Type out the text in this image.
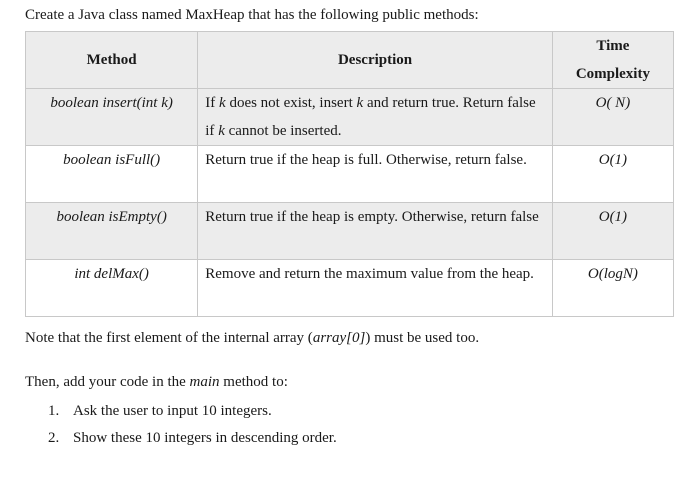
Create a Java class named MaxHeap that has the following public methods:

Method	Description	Time
Complexity
boolean insert(int k)	If k does not exist, insert k and return true. Return false if k cannot be inserted.	O( N)
boolean isFull()	Return true if the heap is full. Otherwise, return false.	O(1)
boolean isEmpty()	Return true if the heap is empty. Otherwise, return false	O(1)
int delMax()	Remove and return the maximum value from the heap.	O(logN)

Note that the first element of the internal array (array[0]) must be used too.

Then, add your code in the main method to:

1. Ask the user to input 10 integers.
2. Show these 10 integers in descending order.
